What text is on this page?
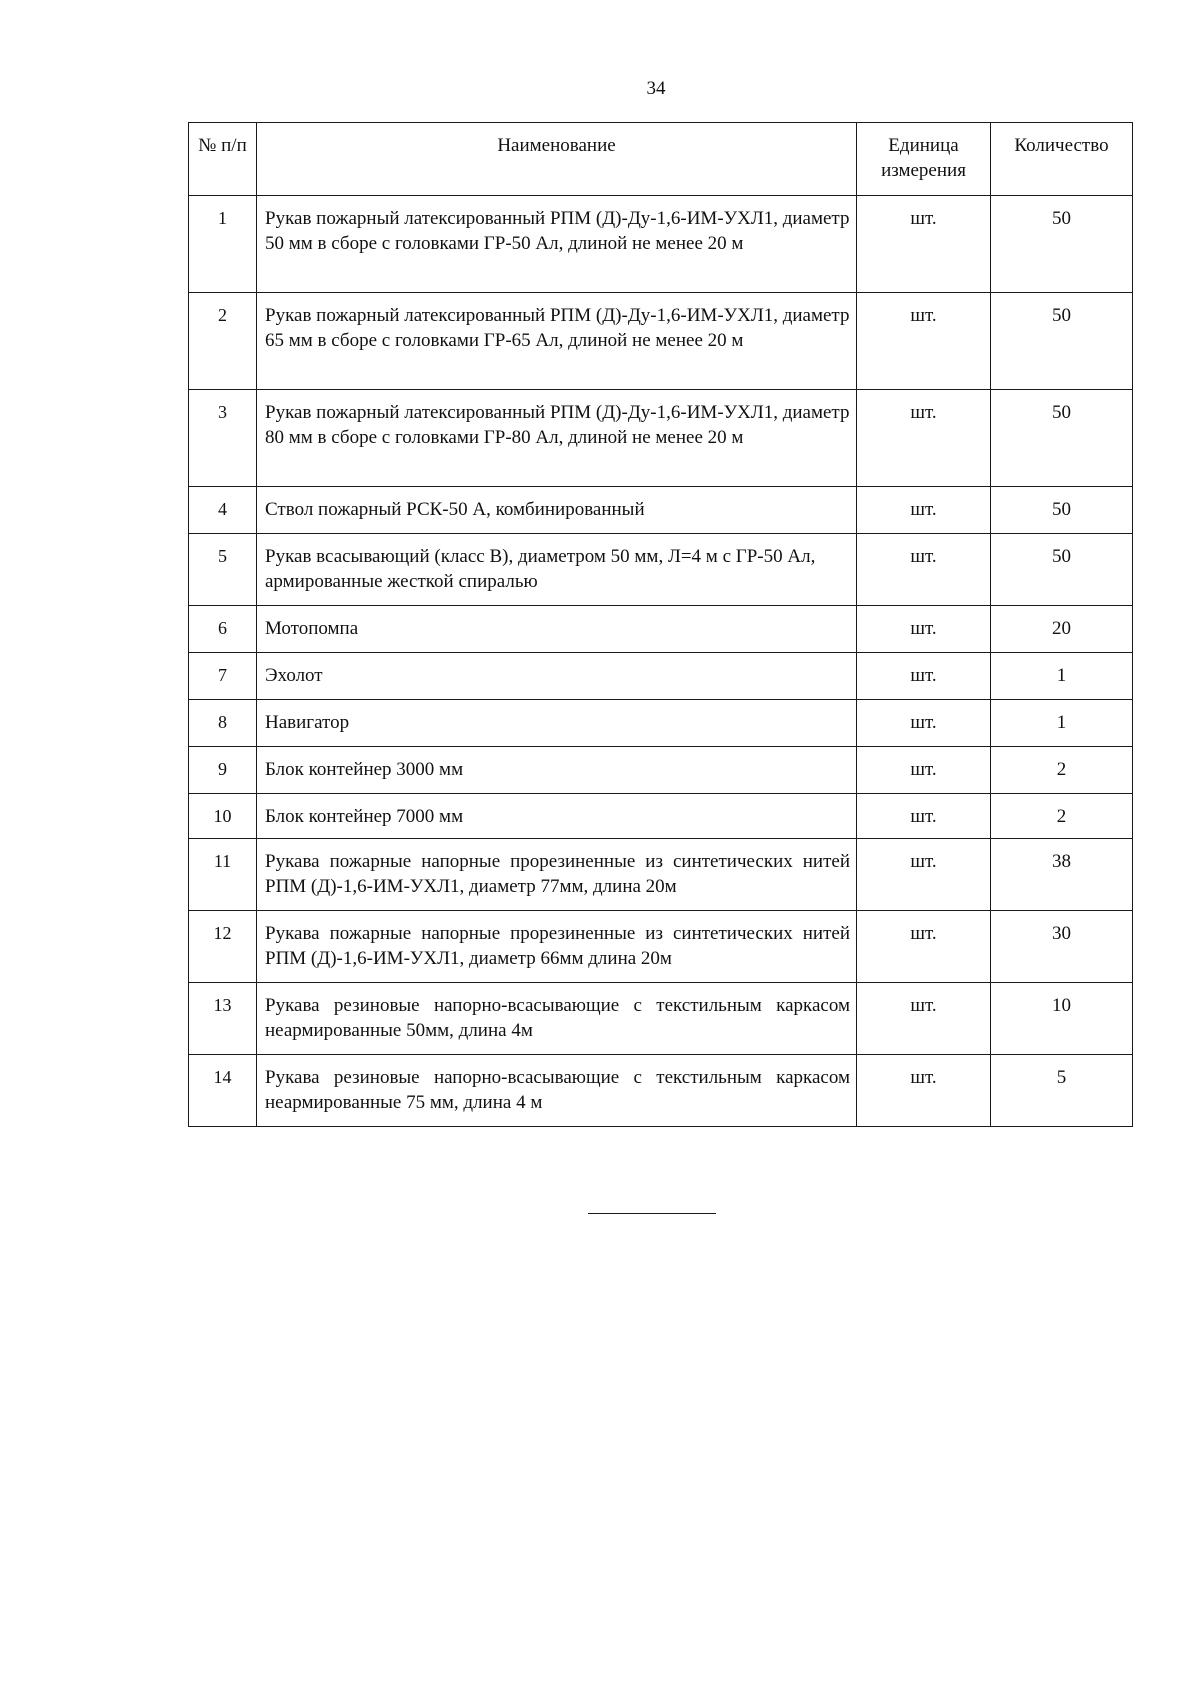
34
№ п/п	Наименование	Единица измерения	Количество
1	Рукав пожарный латексированный РПМ (Д)-Ду-1,6-ИМ-УХЛ1, диаметр 50 мм в сборе с головками ГР-50 Ал, длиной не менее 20 м	шт.	50
2	Рукав пожарный латексированный РПМ (Д)-Ду-1,6-ИМ-УХЛ1, диаметр 65 мм в сборе с головками ГР-65 Ал, длиной не менее 20 м	шт.	50
3	Рукав пожарный латексированный РПМ (Д)-Ду-1,6-ИМ-УХЛ1, диаметр 80 мм в сборе с головками ГР-80 Ал, длиной не менее 20 м	шт.	50
4	Ствол пожарный РСК-50 А, комбинированный	шт.	50
5	Рукав всасывающий (класс В), диаметром 50 мм, Л=4 м с ГР-50 Ал, армированные жесткой спиралью	шт.	50
6	Мотопомпа	шт.	20
7	Эхолот	шт.	1
8	Навигатор	шт.	1
9	Блок контейнер 3000 мм	шт.	2
10	Блок контейнер 7000 мм	шт.	2
11	Рукава пожарные напорные прорезиненные из синтетических нитей РПМ (Д)-1,6-ИМ-УХЛ1, диаметр 77мм, длина 20м	шт.	38
12	Рукава пожарные напорные прорезиненные из синтетических нитей РПМ (Д)-1,6-ИМ-УХЛ1, диаметр 66мм длина 20м	шт.	30
13	Рукава резиновые напорно-всасывающие с текстильным каркасом неармированные 50мм, длина 4м	шт.	10
14	Рукава резиновые напорно-всасывающие с текстильным каркасом неармированные 75 мм, длина 4 м	шт.	5
